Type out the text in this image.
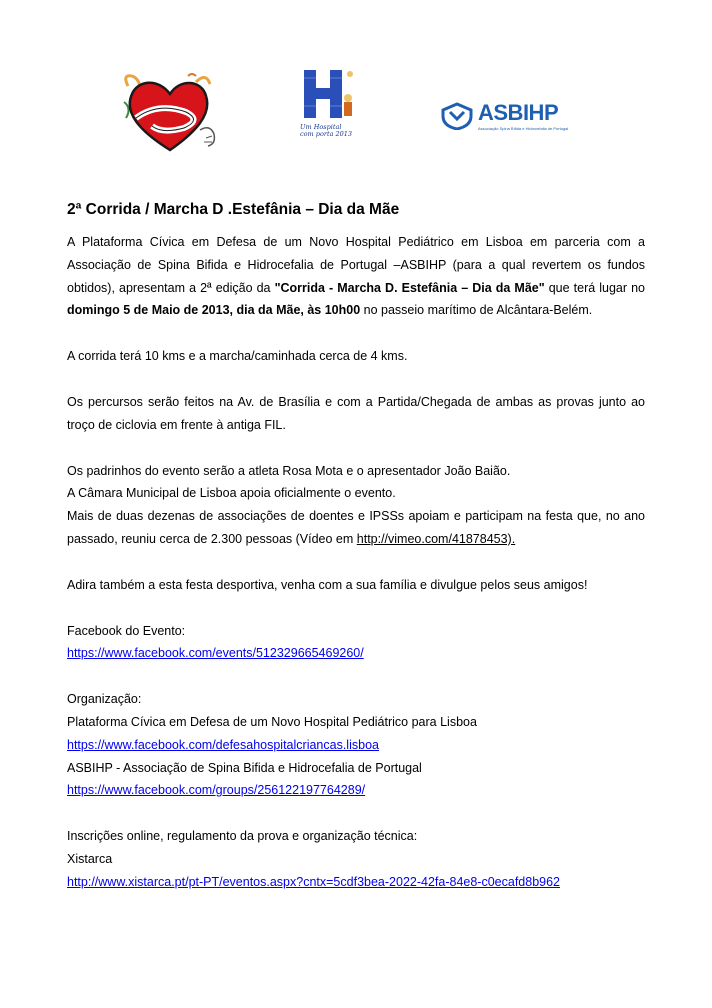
Um Hospital
com porta 2013
ASBIHP
Associação Spina Bífida e Hidrocefalia de Portugal
2ª Corrida / Marcha D .Estefânia – Dia da Mãe

A Plataforma Cívica em Defesa de um Novo Hospital Pediátrico em Lisboa em parceria com a Associação de Spina Bifida e Hidrocefalia de Portugal –ASBIHP (para a qual revertem os fundos obtidos), apresentam a 2ª edição da "Corrida - Marcha D. Estefânia – Dia da Mãe" que terá lugar no domingo 5 de Maio de 2013, dia da Mãe, às 10h00 no passeio marítimo de Alcântara-Belém.

A corrida terá 10 kms e a marcha/caminhada cerca de 4 kms.

Os percursos serão feitos na Av. de Brasília e com a Partida/Chegada de ambas as provas junto ao troço de ciclovia em frente à antiga FIL.

Os padrinhos do evento serão a atleta Rosa Mota e o apresentador João Baião.

A Câmara Municipal de Lisboa apoia oficialmente o evento.

Mais de duas dezenas de associações de doentes e IPSSs apoiam e participam na festa que, no ano passado, reuniu cerca de 2.300 pessoas (Vídeo em http://vimeo.com/41878453).

Adira também a esta festa desportiva, venha com a sua família e divulgue pelos seus amigos!

Facebook do Evento:

https://www.facebook.com/events/512329665469260/

Organização:

Plataforma Cívica em Defesa de um Novo Hospital Pediátrico para Lisboa

https://www.facebook.com/defesahospitalcriancas.lisboa

ASBIHP - Associação de Spina Bifida e Hidrocefalia de Portugal

https://www.facebook.com/groups/256122197764289/

Inscrições online, regulamento da prova e organização técnica:

Xistarca

http://www.xistarca.pt/pt-PT/eventos.aspx?cntx=5cdf3bea-2022-42fa-84e8-c0ecafd8b962
